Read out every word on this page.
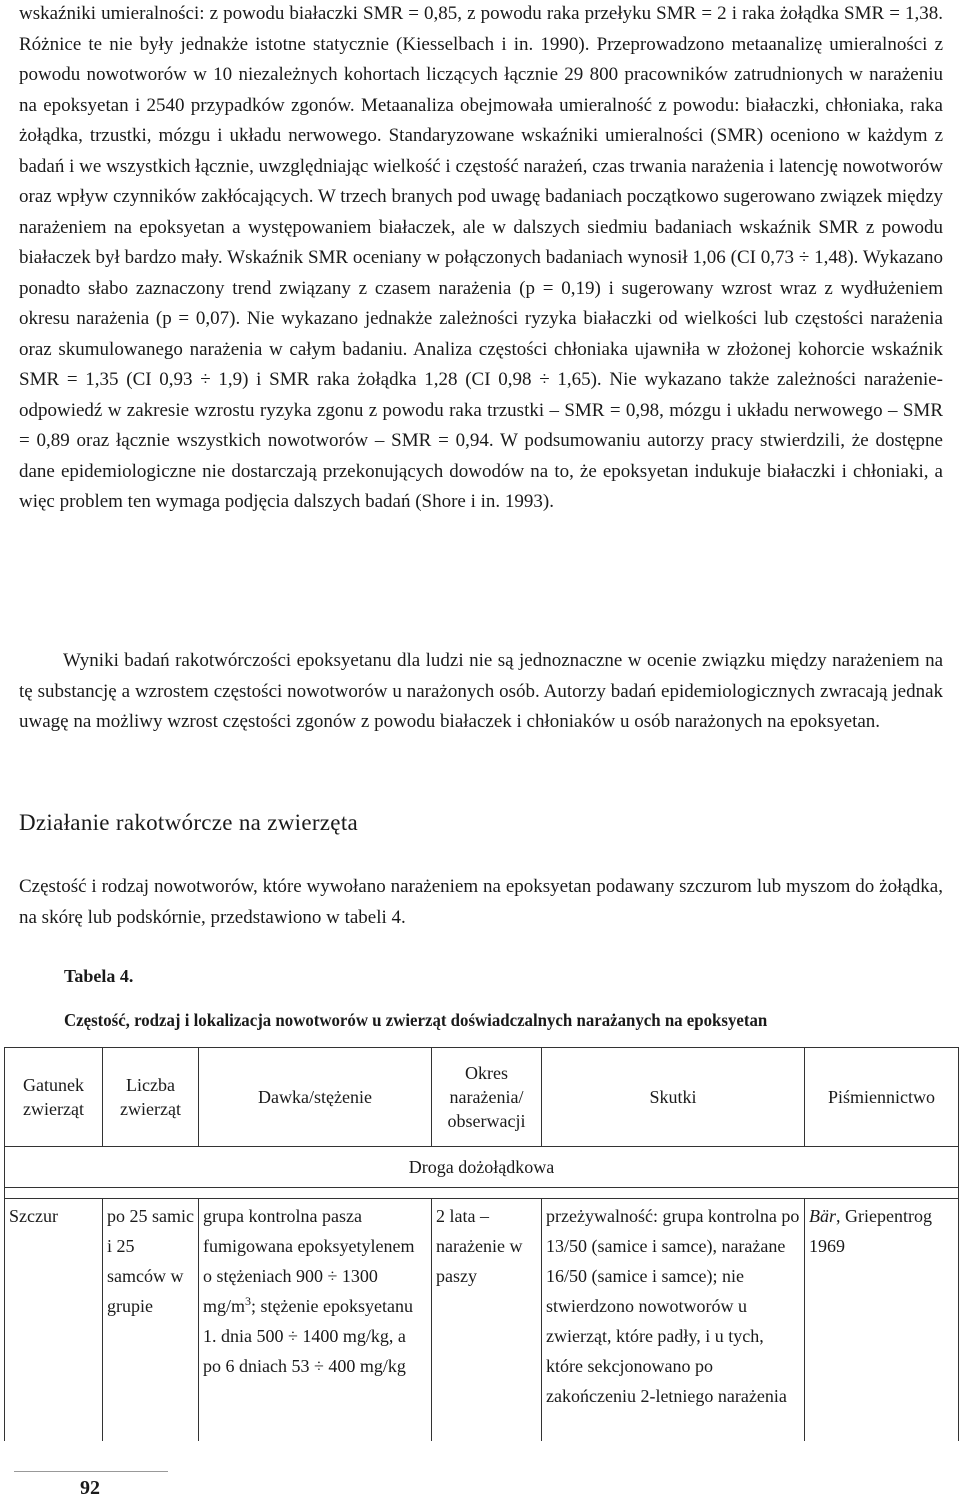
wskaźniki umieralności: z powodu białaczki SMR = 0,85, z powodu raka przełyku SMR = 2 i raka żołądka SMR = 1,38. Różnice te nie były jednakże istotne statycznie (Kiesselbach i in. 1990). Przeprowadzono metaanalizę umieralności z powodu nowotworów w 10 niezależnych kohortach liczących łącznie 29 800 pracowników zatrudnionych w narażeniu na epoksyetan i 2540 przypadków zgonów. Metaanaliza obejmowała umieralność z powodu: białaczki, chłoniaka, raka żołądka, trzustki, mózgu i układu nerwowego. Standaryzowane wskaźniki umieralności (SMR) oceniono w każdym z badań i we wszystkich łącznie, uwzględniając wielkość i częstość narażeń, czas trwania narażenia i latencję nowotworów oraz wpływ czynników zakłócających. W trzech branych pod uwagę badaniach początkowo sugerowano związek między narażeniem na epoksyetan a występowaniem białaczek, ale w dalszych siedmiu badaniach wskaźnik SMR z powodu białaczek był bardzo mały. Wskaźnik SMR oceniany w połączonych badaniach wynosił 1,06 (CI 0,73 ÷ 1,48). Wykazano ponadto słabo zaznaczony trend związany z czasem narażenia (p = 0,19) i sugerowany wzrost wraz z wydłużeniem okresu narażenia (p = 0,07). Nie wykazano jednakże zależności ryzyka białaczki od wielkości lub częstości narażenia oraz skumulowanego narażenia w całym badaniu. Analiza częstości chłoniaka ujawniła w złożonej kohorcie wskaźnik SMR = 1,35 (CI 0,93 ÷ 1,9) i SMR raka żołądka 1,28 (CI 0,98 ÷ 1,65). Nie wykazano także zależności narażenie-odpowiedź w zakresie wzrostu ryzyka zgonu z powodu raka trzustki – SMR = 0,98, mózgu i układu nerwowego – SMR = 0,89 oraz łącznie wszystkich nowotworów – SMR = 0,94. W podsumowaniu autorzy pracy stwierdzili, że dostępne dane epidemiologiczne nie dostarczają przekonujących dowodów na to, że epoksyetan indukuje białaczki i chłoniaki, a więc problem ten wymaga podjęcia dalszych badań (Shore i in. 1993).

Wyniki badań rakotwórczości epoksyetanu dla ludzi nie są jednoznaczne w ocenie związku między narażeniem na tę substancję a wzrostem częstości nowotworów u narażonych osób. Autorzy badań epidemiologicznych zwracają jednak uwagę na możliwy wzrost częstości zgonów z powodu białaczek i chłoniaków u osób narażonych na epoksyetan.

Działanie rakotwórcze na zwierzęta

Częstość i rodzaj nowotworów, które wywołano narażeniem na epoksyetan podawany szczurom lub myszom do żołądka, na skórę lub podskórnie, przedstawiono w tabeli 4.

Tabela 4.

Częstość, rodzaj i lokalizacja nowotworów u zwierząt doświadczalnych narażanych na epoksyetan

Gatunek zwierząt	Liczba zwierząt	Dawka/stężenie	Okres narażenia/ obserwacji	Skutki	Piśmiennictwo
Droga dożołądkowa					

Szczur	po 25 samic i 25 samców w grupie	grupa kontrolna pasza fumigowana epoksyetylenem o stężeniach 900 ÷ 1300 $mg/m^3$; stężenie epoksyetanu 1. dnia 500 ÷ 1400 mg/kg, a po 6 dniach 53 ÷ 400 mg/kg	2 lata – narażenie w paszy	przeżywalność: grupa kontrolna po 13/50 (samice i samce), narażane 16/50 (samice i samce); nie stwierdzono nowotworów u zwierząt, które padły, i u tych, które sekcjonowano po zakończeniu 2-letniego narażenia	Bär, Griepentrog 1969

92
